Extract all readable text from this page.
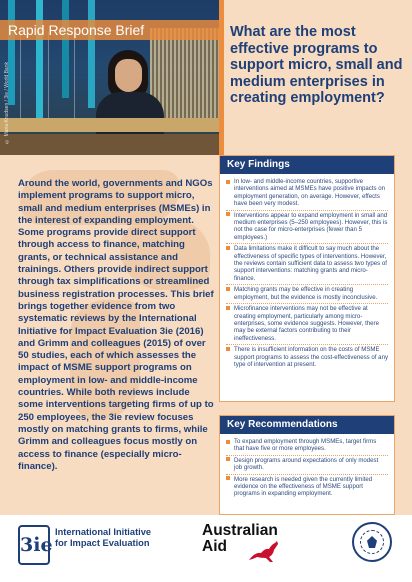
© Maria Knudsen / 3ie / World Bank
Rapid Response Brief	What are the most effective programs to support micro, small and medium enterprises in creating employment?

Around the world, governments and NGOs implement programs to support micro, small and medium enterprises (MSMEs) in the interest of expanding employment. Some programs provide direct support through access to finance, matching grants, or technical assistance and trainings. Others provide indirect support through tax simplifications or streamlined business registration processes. This brief brings together evidence from two systematic reviews by the International Initiative for Impact Evaluation 3ie (2016) and Grimm and colleagues (2015) of over 50 studies, each of which assesses the impact of MSME support programs on employment in low- and middle-income countries. While both reviews include some interventions targeting firms of up to 250 employees, the 3ie review focuses mostly on matching grants to firms, while Grimm and colleagues focus mostly on access to finance (especially micro-finance).

Key Findings
In low- and middle-income countries, supportive interventions aimed at MSMEs have positive impacts on employment generation, on average. However, effects have been very modest.
Interventions appear to expand employment in small and medium enterprises (5–250 employees). However, this is not the case for micro-enterprises (fewer than 5 employees.)
Data limitations make it difficult to say much about the effectiveness of specific types of interventions. However, the reviews contain sufficient data to assess two types of support interventions: matching grants and micro-finance.
Matching grants may be effective in creating employment, but the evidence is mostly inconclusive.
Microfinance interventions may not be effective at creating employment, particularly among micro-enterprises, some evidence suggests. However, there may be external factors contributing to their ineffectiveness.
There is insufficient information on the costs of MSME support programs to assess the cost-effectiveness of any type of intervention at present.
Key Recommendations
To expand employment through MSMEs, target firms that have five or more employees.
Design programs around expectations of only modest job growth.
More research is needed given the currently limited evidence on the effectiveness of MSME support programs in expanding employment.
3ie
International Initiative for Impact Evaluation
Australian Aid
